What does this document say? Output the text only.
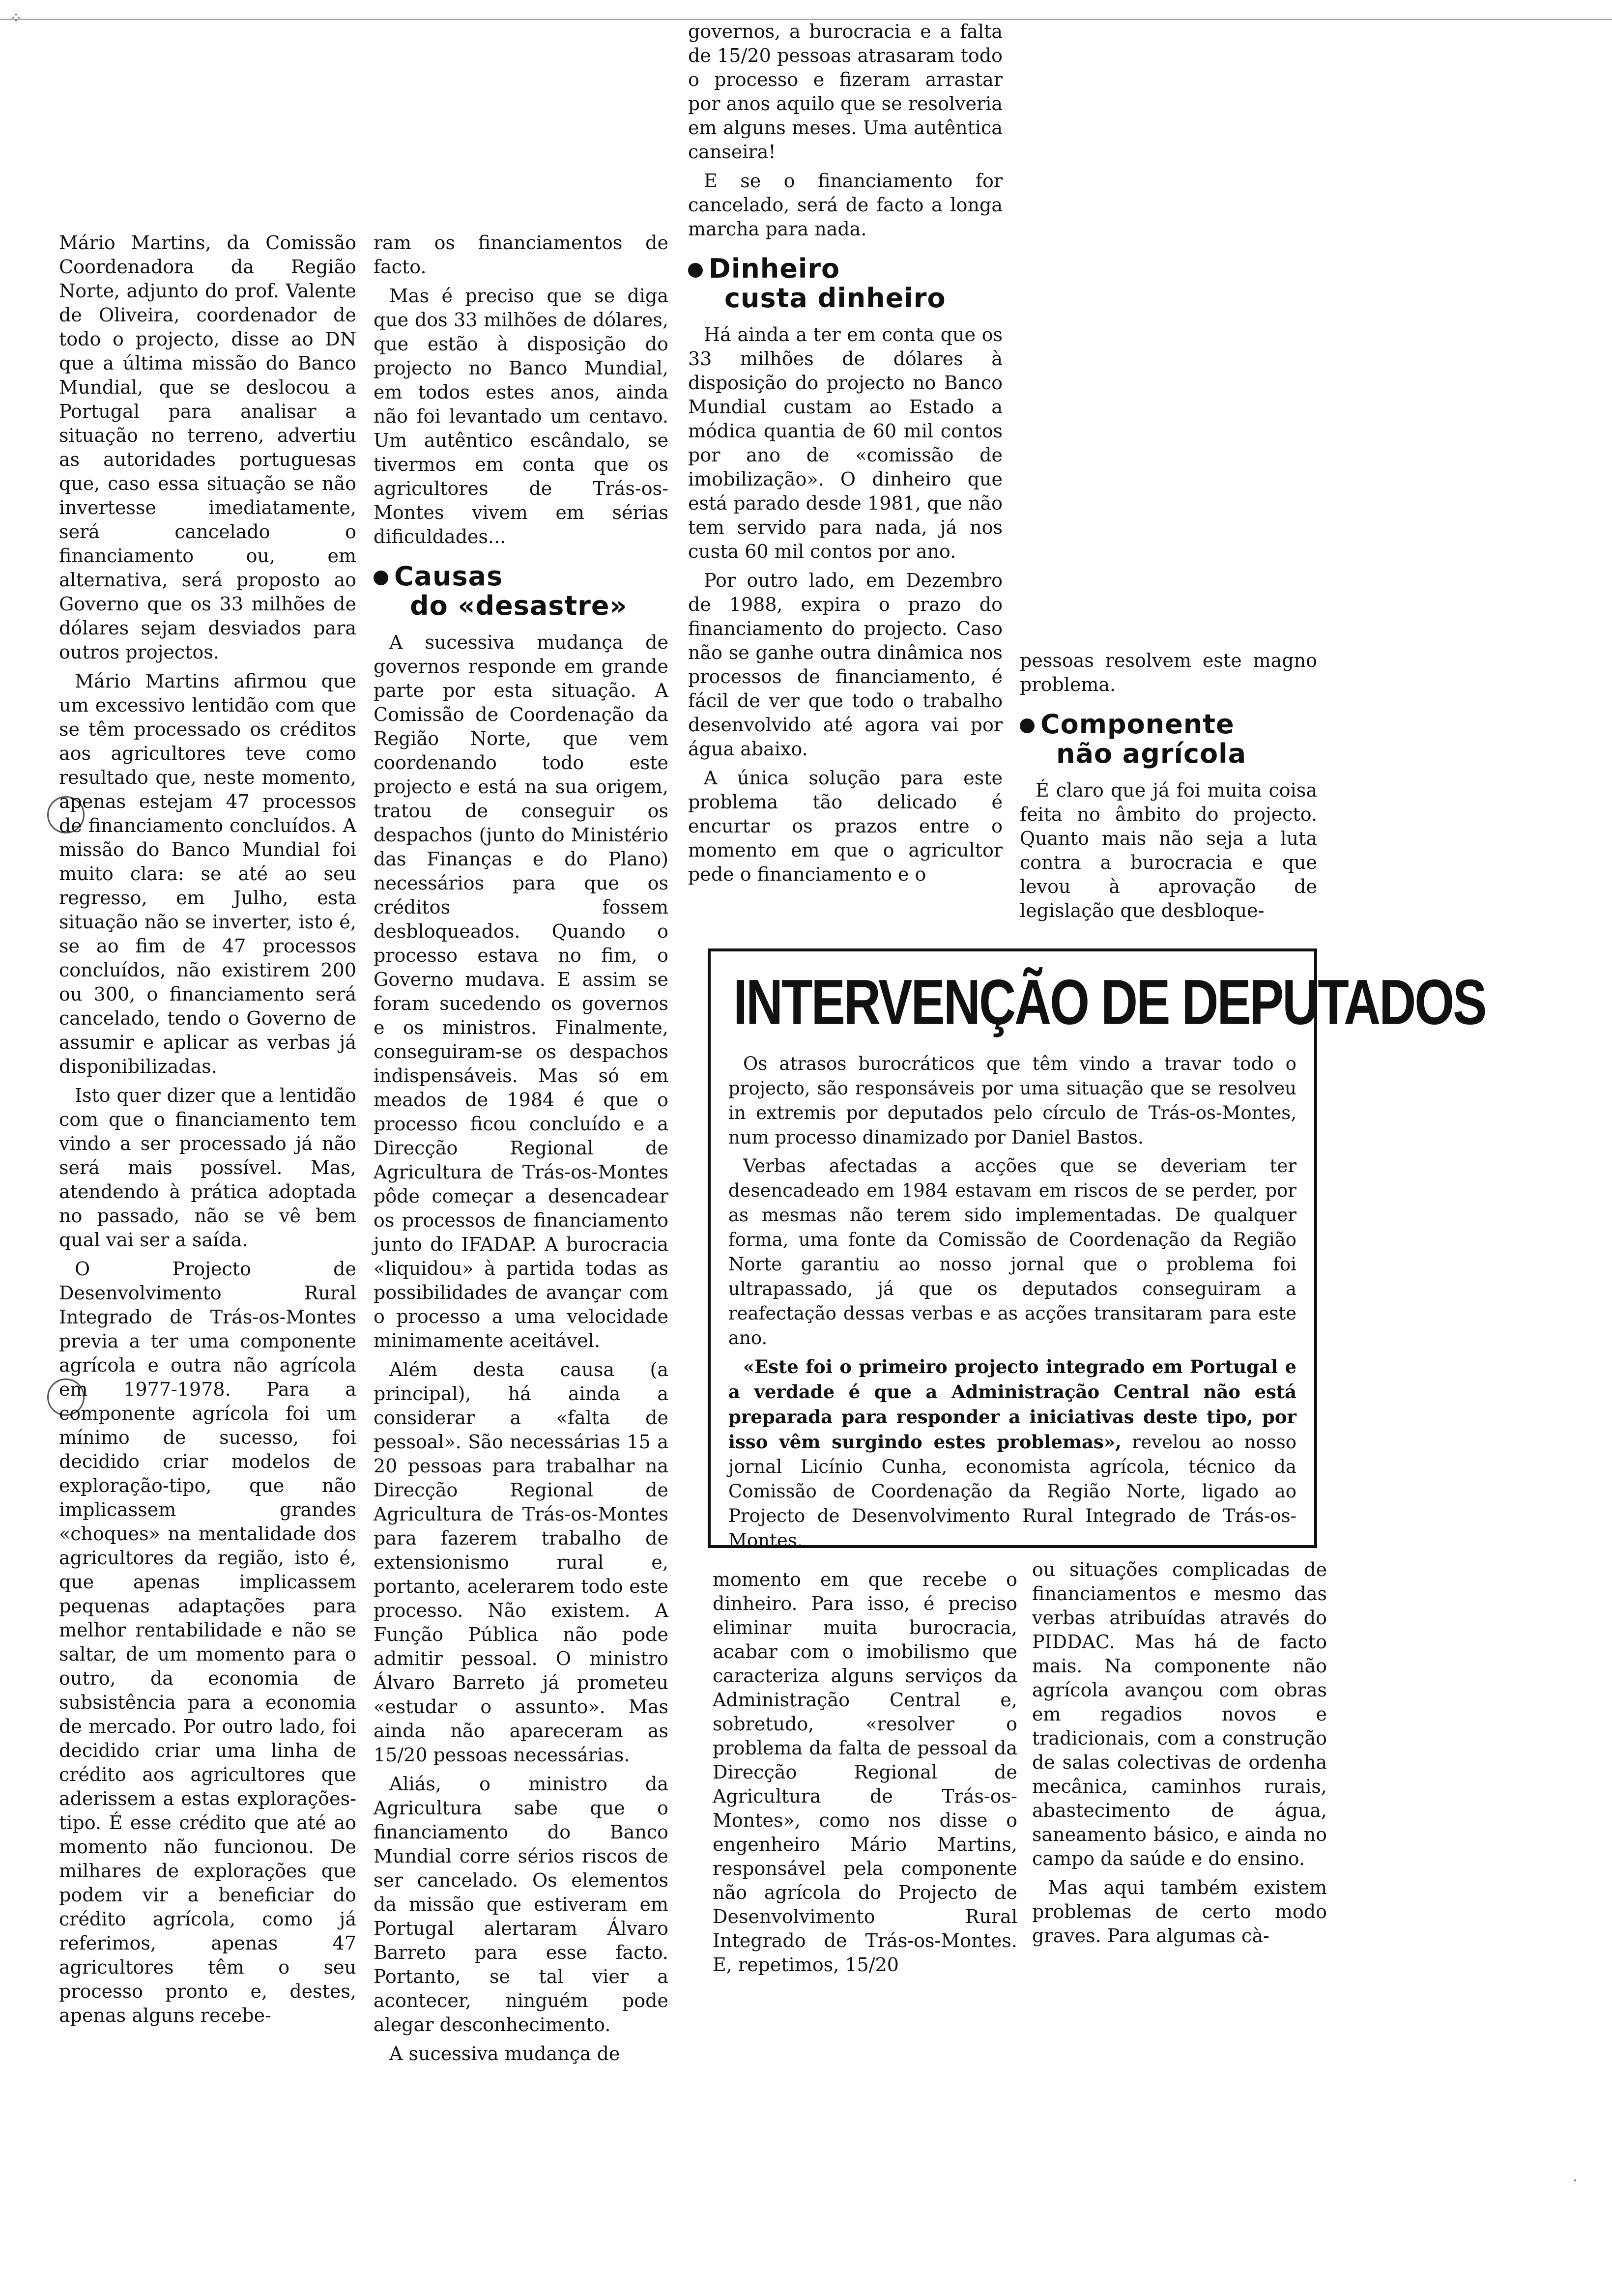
⁘
·

Mário Martins, da Comissão Coordenadora da Região Norte, adjunto do prof. Valente de Oliveira, coordenador de todo o projecto, disse ao DN que a última missão do Banco Mundial, que se deslocou a Portugal para analisar a situação no terreno, advertiu as autoridades portuguesas que, caso essa situação se não invertesse imediatamente, será cancelado o financiamento ou, em alternativa, será proposto ao Governo que os 33 milhões de dólares sejam desviados para outros projectos.

Mário Martins afirmou que um excessivo lentidão com que se têm processado os créditos aos agricultores teve como resultado que, neste momento, apenas estejam 47 processos de financiamento concluídos. A missão do Banco Mundial foi muito clara: se até ao seu regresso, em Julho, esta situação não se inverter, isto é, se ao fim de 47 processos concluídos, não existirem 200 ou 300, o financiamento será cancelado, tendo o Governo de assumir e aplicar as verbas já disponibilizadas.

Isto quer dizer que a lentidão com que o financiamento tem vindo a ser processado já não será mais possível. Mas, atendendo à prática adoptada no passado, não se vê bem qual vai ser a saída.

O Projecto de Desenvolvimento Rural Integrado de Trás-os-Montes previa a ter uma componente agrícola e outra não agrícola em 1977-1978. Para a componente agrícola foi um mínimo de sucesso, foi decidido criar modelos de exploração-tipo, que não implicassem grandes «choques» na mentalidade dos agricultores da região, isto é, que apenas implicassem pequenas adaptações para melhor rentabilidade e não se saltar, de um momento para o outro, da economia de subsistência para a economia de mercado. Por outro lado, foi decidido criar uma linha de crédito aos agricultores que aderissem a estas explorações-tipo. É esse crédito que até ao momento não funcionou. De milhares de explorações que podem vir a beneficiar do crédito agrícola, como já referimos, apenas 47 agricultores têm o seu processo pronto e, destes, apenas alguns recebe-

ram os financiamentos de facto.

Mas é preciso que se diga que dos 33 milhões de dólares, que estão à disposição do projecto no Banco Mundial, em todos estes anos, ainda não foi levantado um centavo. Um autêntico escândalo, se tivermos em conta que os agricultores de Trás-os-Montes vivem em sérias dificuldades...

Causas
do «desastre»

A sucessiva mudança de governos responde em grande parte por esta situação. A Comissão de Coordenação da Região Norte, que vem coordenando todo este projecto e está na sua origem, tratou de conseguir os despachos (junto do Ministério das Finanças e do Plano) necessários para que os créditos fossem desbloqueados. Quando o processo estava no fim, o Governo mudava. E assim se foram sucedendo os governos e os ministros. Finalmente, conseguiram-se os despachos indispensáveis. Mas só em meados de 1984 é que o processo ficou concluído e a Direcção Regional de Agricultura de Trás-os-Montes pôde começar a desencadear os processos de financiamento junto do IFADAP. A burocracia «liquidou» à partida todas as possibilidades de avançar com o processo a uma velocidade minimamente aceitável.

Além desta causa (a principal), há ainda a considerar a «falta de pessoal». São necessárias 15 a 20 pessoas para trabalhar na Direcção Regional de Agricultura de Trás-os-Montes para fazerem trabalho de extensionismo rural e, portanto, acelerarem todo este processo. Não existem. A Função Pública não pode admitir pessoal. O ministro Álvaro Barreto já prometeu «estudar o assunto». Mas ainda não apareceram as 15/20 pessoas necessárias.

Aliás, o ministro da Agricultura sabe que o financiamento do Banco Mundial corre sérios riscos de ser cancelado. Os elementos da missão que estiveram em Portugal alertaram Álvaro Barreto para esse facto. Portanto, se tal vier a acontecer, ninguém pode alegar desconhecimento.

A sucessiva mudança de

governos, a burocracia e a falta de 15/20 pessoas atrasaram todo o processo e fizeram arrastar por anos aquilo que se resolveria em alguns meses. Uma autêntica canseira!

E se o financiamento for cancelado, será de facto a longa marcha para nada.

Dinheiro
custa dinheiro

Há ainda a ter em conta que os 33 milhões de dólares à disposição do projecto no Banco Mundial custam ao Estado a módica quantia de 60 mil contos por ano de «comissão de imobilização». O dinheiro que está parado desde 1981, que não tem servido para nada, já nos custa 60 mil contos por ano.

Por outro lado, em Dezembro de 1988, expira o prazo do financiamento do projecto. Caso não se ganhe outra dinâmica nos processos de financiamento, é fácil de ver que todo o trabalho desenvolvido até agora vai por água abaixo.

A única solução para este problema tão delicado é encurtar os prazos entre o momento em que o agricultor pede o financiamento e o

pessoas resolvem este magno problema.

Componente
não agrícola

É claro que já foi muita coisa feita no âmbito do projecto. Quanto mais não seja a luta contra a burocracia e que levou à aprovação de legislação que desbloque-

INTERVENÇÃO DE DEPUTADOS

Os atrasos burocráticos que têm vindo a travar todo o projecto, são responsáveis por uma situação que se resolveu in extremis por deputados pelo círculo de Trás-os-Montes, num processo dinamizado por Daniel Bastos.

Verbas afectadas a acções que se deveriam ter desencadeado em 1984 estavam em riscos de se perder, por as mesmas não terem sido implementadas. De qualquer forma, uma fonte da Comissão de Coordenação da Região Norte garantiu ao nosso jornal que o problema foi ultrapassado, já que os deputados conseguiram a reafectação dessas verbas e as acções transitaram para este ano.

«Este foi o primeiro projecto integrado em Portugal e a verdade é que a Administração Central não está preparada para responder a iniciativas deste tipo, por isso vêm surgindo estes problemas», revelou ao nosso jornal Licínio Cunha, economista agrícola, técnico da Comissão de Coordenação da Região Norte, ligado ao Projecto de Desenvolvimento Rural Integrado de Trás-os-Montes.

momento em que recebe o dinheiro. Para isso, é preciso eliminar muita burocracia, acabar com o imobilismo que caracteriza alguns serviços da Administração Central e, sobretudo, «resolver o problema da falta de pessoal da Direcção Regional de Agricultura de Trás-os-Montes», como nos disse o engenheiro Mário Martins, responsável pela componente não agrícola do Projecto de Desenvolvimento Rural Integrado de Trás-os-Montes. E, repetimos, 15/20

ou situações complicadas de financiamentos e mesmo das verbas atribuídas através do PIDDAC. Mas há de facto mais. Na componente não agrícola avançou com obras em regadios novos e tradicionais, com a construção de salas colectivas de ordenha mecânica, caminhos rurais, abastecimento de água, saneamento básico, e ainda no campo da saúde e do ensino.

Mas aqui também existem problemas de certo modo graves. Para algumas cà-
